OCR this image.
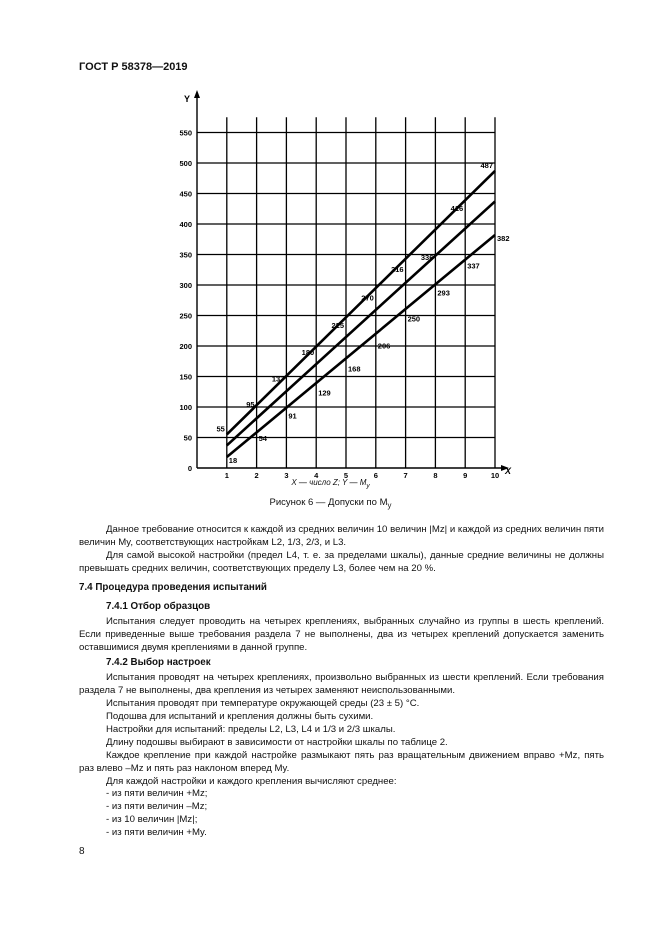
ГОСТ Р 58378—2019
X
Y
1	2	3	4	5	6	7	8	9	10
0
50
100
150
200
250
300
350
400
450
500
550
55
95
137
180
225
270
316
336
416
487
18
54
91
129
168
206
250
293
337
382
X — число Z; Y — $M_y$
Рисунок 6 — Допуски по $M_y$
Данное требование относится к каждой из средних величин 10 величин |Mz| и каждой из средних величин пяти величин My, соответствующих настройкам L2, 1/3, 2/3, и L3.
Для самой высокой настройки (предел L4, т. е. за пределами шкалы), данные средние величины не должны превышать средних величин, соответствующих пределу L3, более чем на 20 %.
7.4 Процедура проведения испытаний
7.4.1 Отбор образцов
Испытания следует проводить на четырех креплениях, выбранных случайно из группы в шесть креплений. Если приведенные выше требования раздела 7 не выполнены, два из четырех креплений допускается заменить оставшимися двумя креплениями в данной группе.
7.4.2 Выбор настроек
Испытания проводят на четырех креплениях, произвольно выбранных из шести креплений. Если требования раздела 7 не выполнены, два крепления из четырех заменяют неиспользованными.
Испытания проводят при температуре окружающей среды (23 ± 5) °С.
Подошва для испытаний и крепления должны быть сухими.
Настройки для испытаний: пределы L2, L3, L4 и 1/3 и 2/3 шкалы.
Длину подошвы выбирают в зависимости от настройки шкалы по таблице 2.
Каждое крепление при каждой настройке размыкают пять раз вращательным движением вправо +Mz, пять раз влево –Mz и пять раз наклоном вперед My.
Для каждой настройки и каждого крепления вычисляют среднее:
- из пяти величин +Mz;
- из пяти величин –Mz;
- из 10 величин |Mz|;
- из пяти величин +My.
8
